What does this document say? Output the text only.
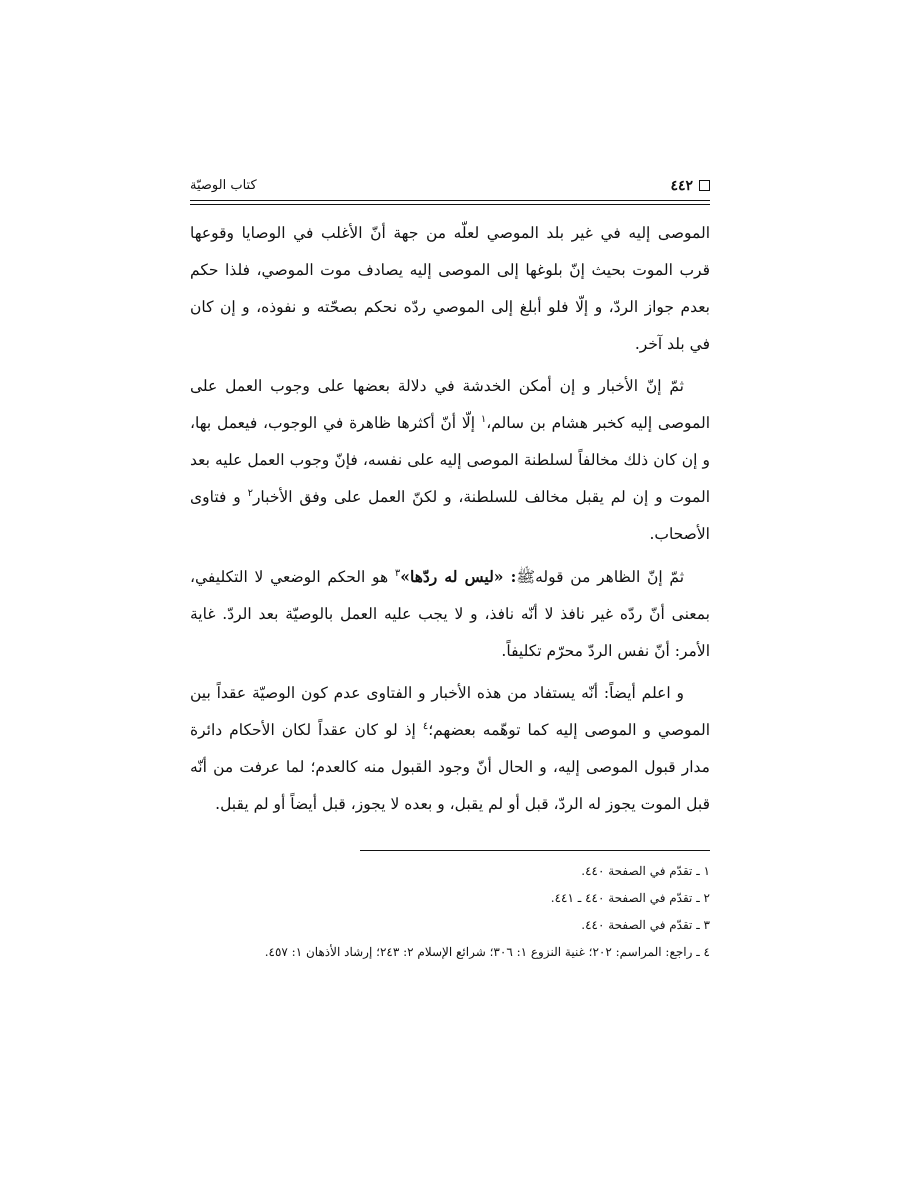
٤٤٢
كتاب الوصيّة

الموصى إليه في غير بلد الموصي لعلّه من جهة أنّ الأغلب في الوصايا وقوعها قرب الموت بحيث إنّ بلوغها إلى الموصى إليه يصادف موت الموصي، فلذا حكم بعدم جواز الردّ، و إلّا فلو أبلغ إلى الموصي ردّه نحكم بصحّته و نفوذه، و إن كان في بلد آخر.

ثمّ إنّ الأخبار و إن أمكن الخدشة في دلالة بعضها على وجوب العمل على الموصى إليه كخبر هشام بن سالم،$^١$ إلّا أنّ أكثرها ظاهرة في الوجوب، فيعمل بها، و إن كان ذلك مخالفاً لسلطنة الموصى إليه على نفسه، فإنّ وجوب العمل عليه بعد الموت و إن لم يقبل مخالف للسلطنة، و لكنّ العمل على وفق الأخبار$^٢$ و فتاوى الأصحاب.

ثمّ إنّ الظاهر من قولهﷺ: «ليس له ردّها»$^٣$ هو الحكم الوضعي لا التكليفي، بمعنى أنّ ردّه غير نافذ لا أنّه نافذ، و لا يجب عليه العمل بالوصيّة بعد الردّ. غاية الأمر: أنّ نفس الردّ محرّم تكليفاً.

و اعلم أيضاً: أنّه يستفاد من هذه الأخبار و الفتاوى عدم كون الوصيّة عقداً بين الموصي و الموصى إليه كما توهّمه بعضهم؛$^٤$ إذ لو كان عقداً لكان الأحكام دائرة مدار قبول الموصى إليه، و الحال أنّ وجود القبول منه كالعدم؛ لما عرفت من أنّه قبل الموت يجوز له الردّ، قبل أو لم يقبل، و بعده لا يجوز، قبل أيضاً أو لم يقبل.

١ ـ تقدّم في الصفحة ٤٤٠.
٢ ـ تقدّم في الصفحة ٤٤٠ ـ ٤٤١.
٣ ـ تقدّم في الصفحة ٤٤٠.
٤ ـ راجع: المراسم: ٢٠٢؛ غنية النزوع ١: ٣٠٦؛ شرائع الإسلام ٢: ٢٤٣؛ إرشاد الأذهان ١: ٤٥٧.
